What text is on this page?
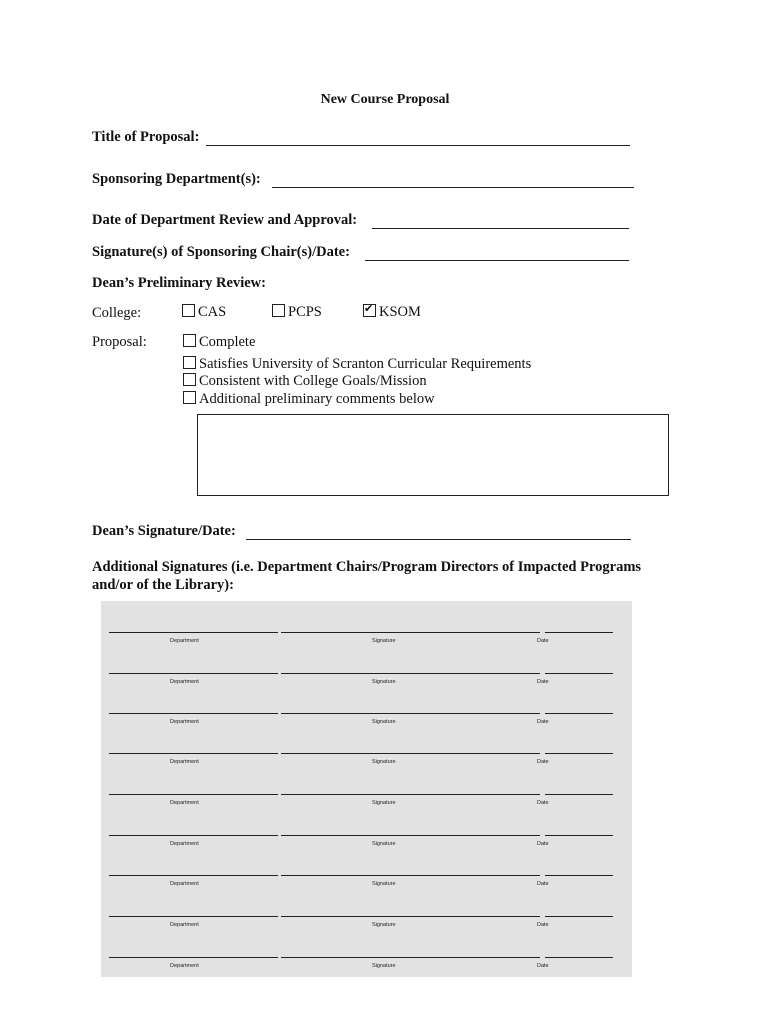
New Course Proposal
Title of Proposal:
Sponsoring Department(s):
Date of Department Review and Approval:
Signature(s) of Sponsoring Chair(s)/Date:
Dean’s Preliminary Review:
College:	CAS	PCPS
✔	KSOM
Proposal:	Complete
Satisfies University of Scranton Curricular Requirements
Consistent with College Goals/Mission
Additional preliminary comments below
Dean’s Signature/Date:
Additional Signatures (i.e. Department Chairs/Program Directors of Impacted Programs
and/or of the Library):
Department	Signature	Date
Department	Signature	Date
Department	Signature	Date
Department	Signature	Date
Department	Signature	Date
Department	Signature	Date
Department	Signature	Date
Department	Signature	Date
Department	Signature	Date
